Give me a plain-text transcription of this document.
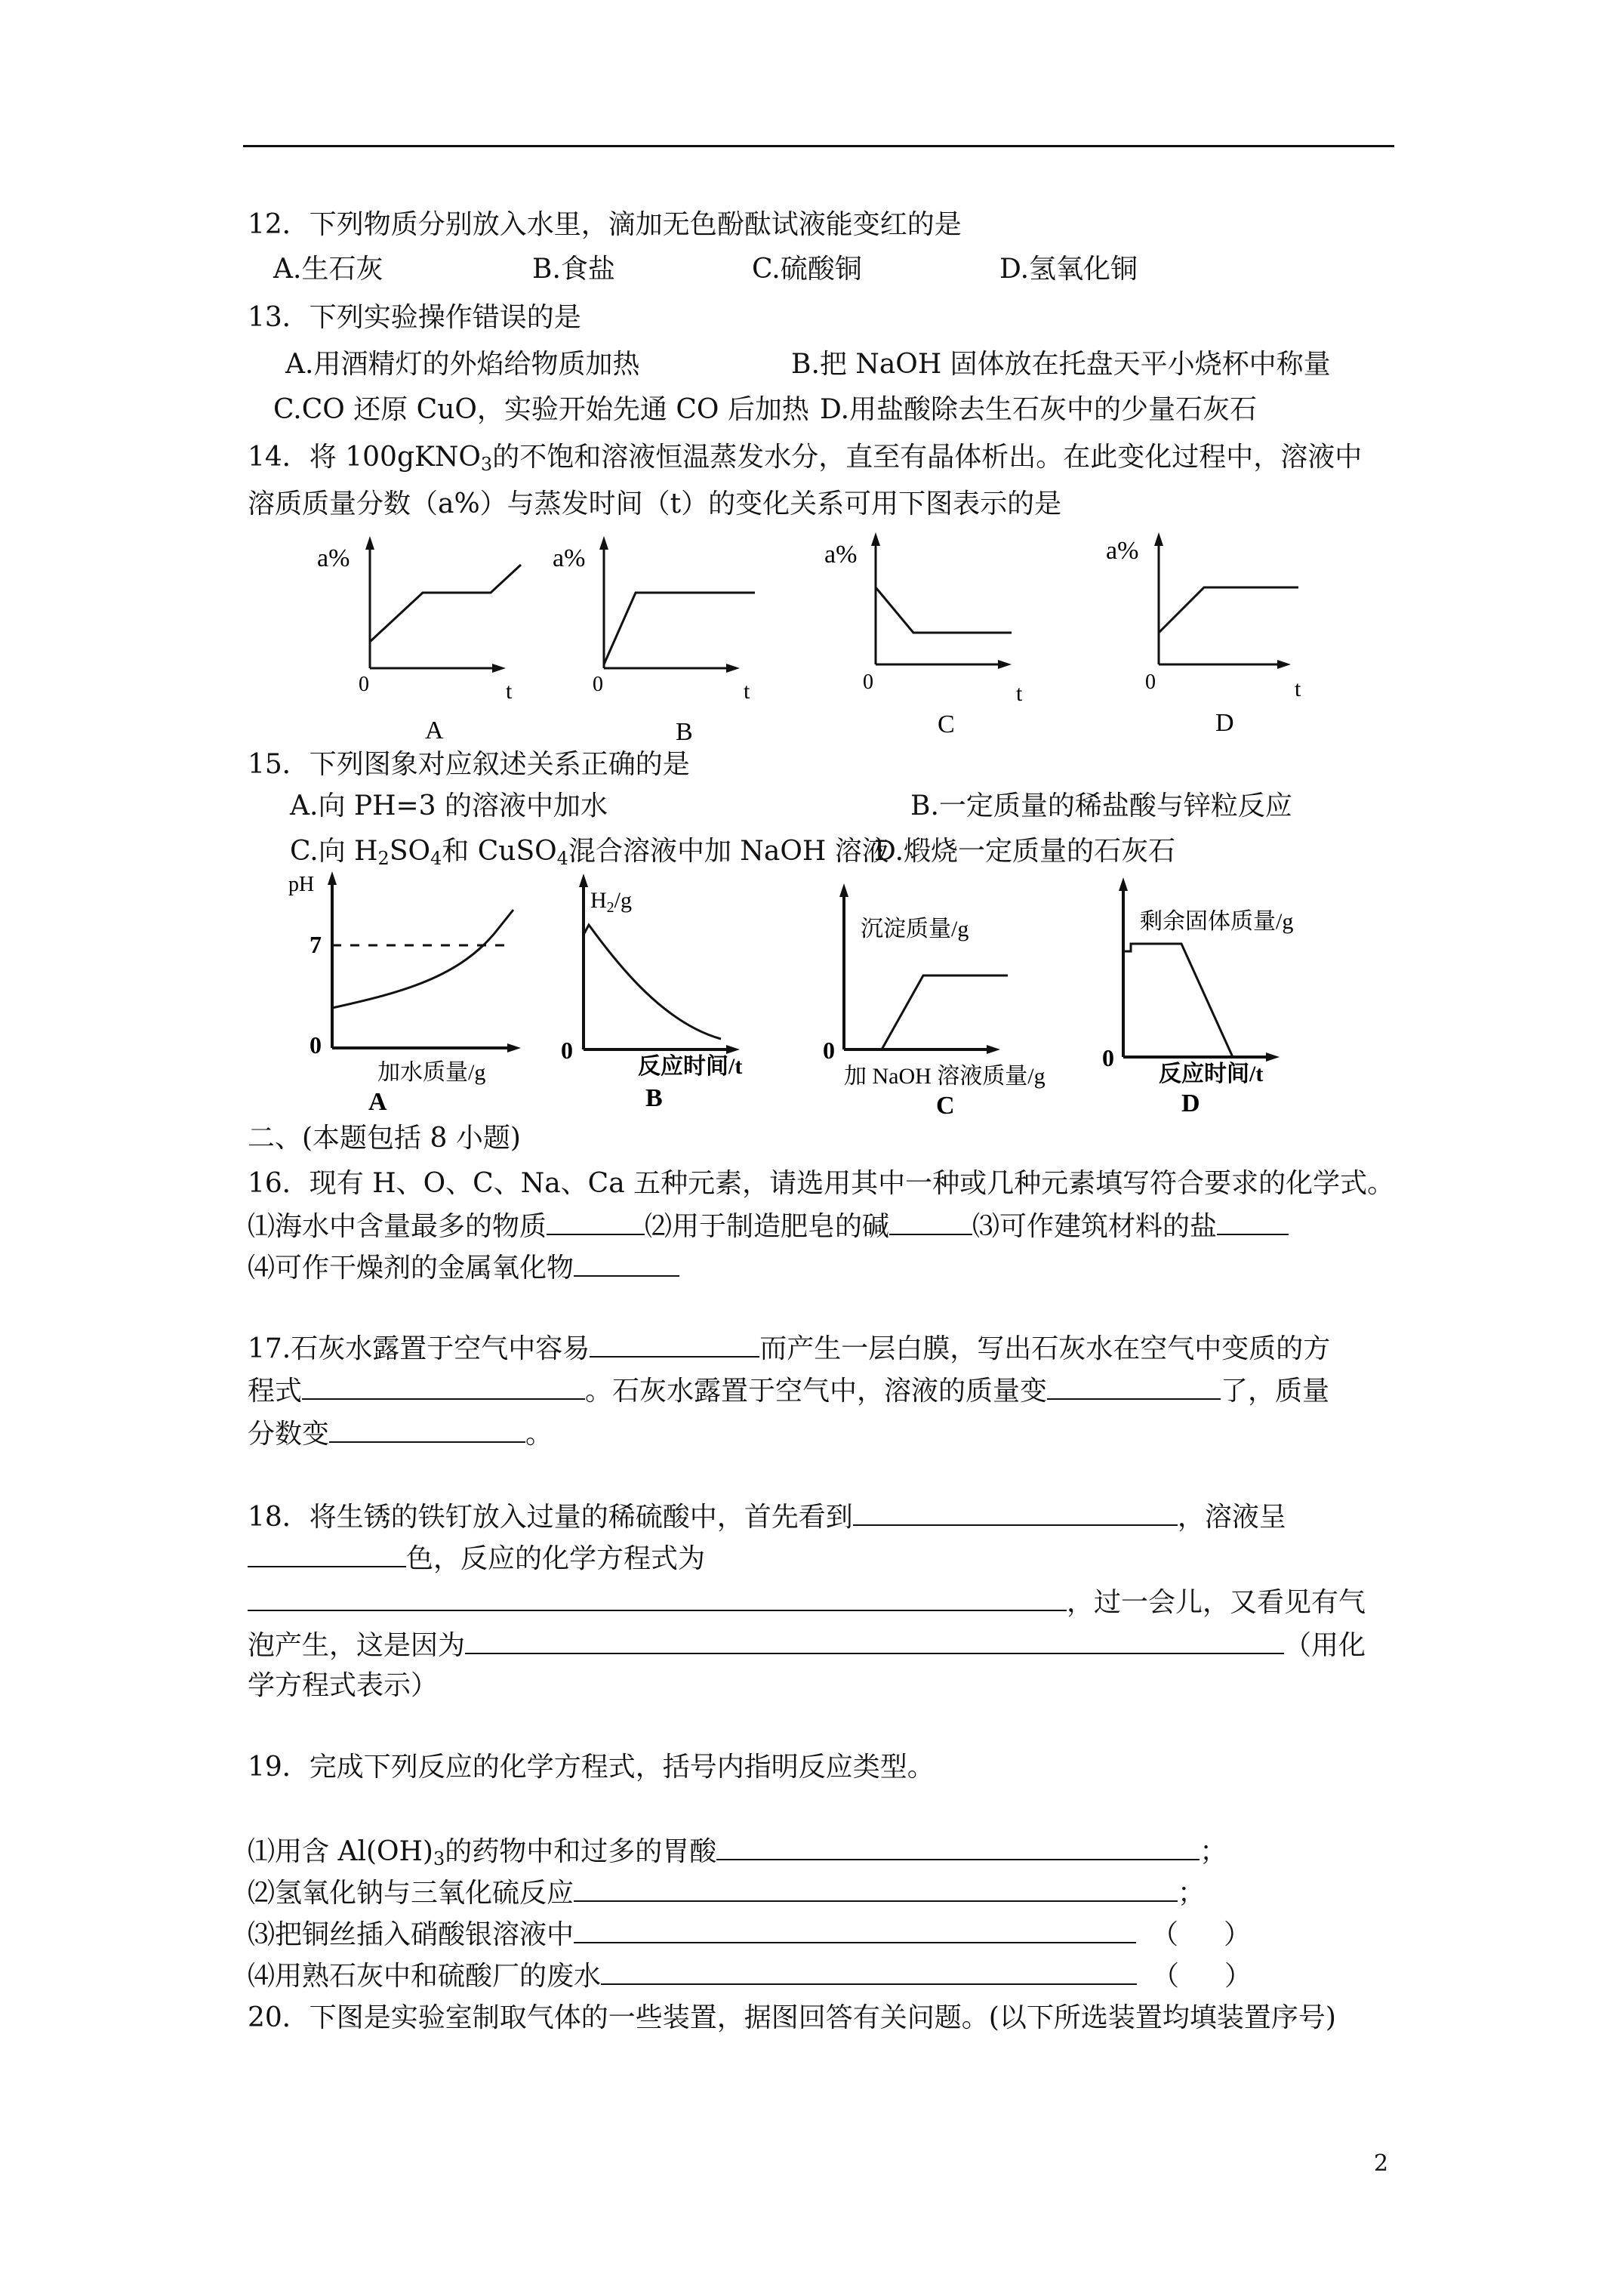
12．下列物质分别放入水里，滴加无色酚酞试液能变红的是
A.生石灰	B.食盐	C.硫酸铜	D.氢氧化铜
13．下列实验操作错误的是
A.用酒精灯的外焰给物质加热	B.把 NaOH 固体放在托盘天平小烧杯中称量
C.CO 还原 CuO，实验开始先通 CO 后加热 D.用盐酸除去生石灰中的少量石灰石
14．将 100gKNO$_3$的不饱和溶液恒温蒸发水分，直至有晶体析出。在此变化过程中，溶液中
溶质质量分数（a%）与蒸发时间（t）的变化关系可用下图表示的是
a%
0	t
A
a%
0	t
B
a%
0	t
C
a%
0	t
D
15．下列图象对应叙述关系正确的是
A.向 PH=3 的溶液中加水	B.一定质量的稀盐酸与锌粒反应
C.向 $H_2SO_4$和 CuSO$_4$混合溶液中加 NaOH 溶液
D.煅烧一定质量的石灰石
pH
7
0
加水质量/g
A
$H_2/g$
0
反应时间/t
B
沉淀质量/g
0
加 NaOH 溶液质量/g
C
剩余固体质量/g
0
反应时间/t
D
二、(本题包括 8 小题)
16．现有 H、O、C、Na、Ca 五种元素，请选用其中一种或几种元素填写符合要求的化学式。
⑴海水中含量最多的物质	⑵用于制造肥皂的碱	⑶可作建筑材料的盐
⑷可作干燥剂的金属氧化物
17.石灰水露置于空气中容易	而产生一层白膜，写出石灰水在空气中变质的方
程式	。石灰水露置于空气中，溶液的质量变	了，质量
分数变	。
18．将生锈的铁钉放入过量的稀硫酸中，首先看到	，溶液呈
色，反应的化学方程式为
，过一会儿，又看见有气
泡产生，这是因为	（用化
学方程式表示）
19．完成下列反应的化学方程式，括号内指明反应类型。
⑴用含 $Al(OH)_3$的药物中和过多的胃酸	；
⑵氢氧化钠与三氧化硫反应	；
⑶把铜丝插入硝酸银溶液中	（ ）
⑷用熟石灰中和硫酸厂的废水	（ ）
20．下图是实验室制取气体的一些装置，据图回答有关问题。(以下所选装置均填装置序号)
2
